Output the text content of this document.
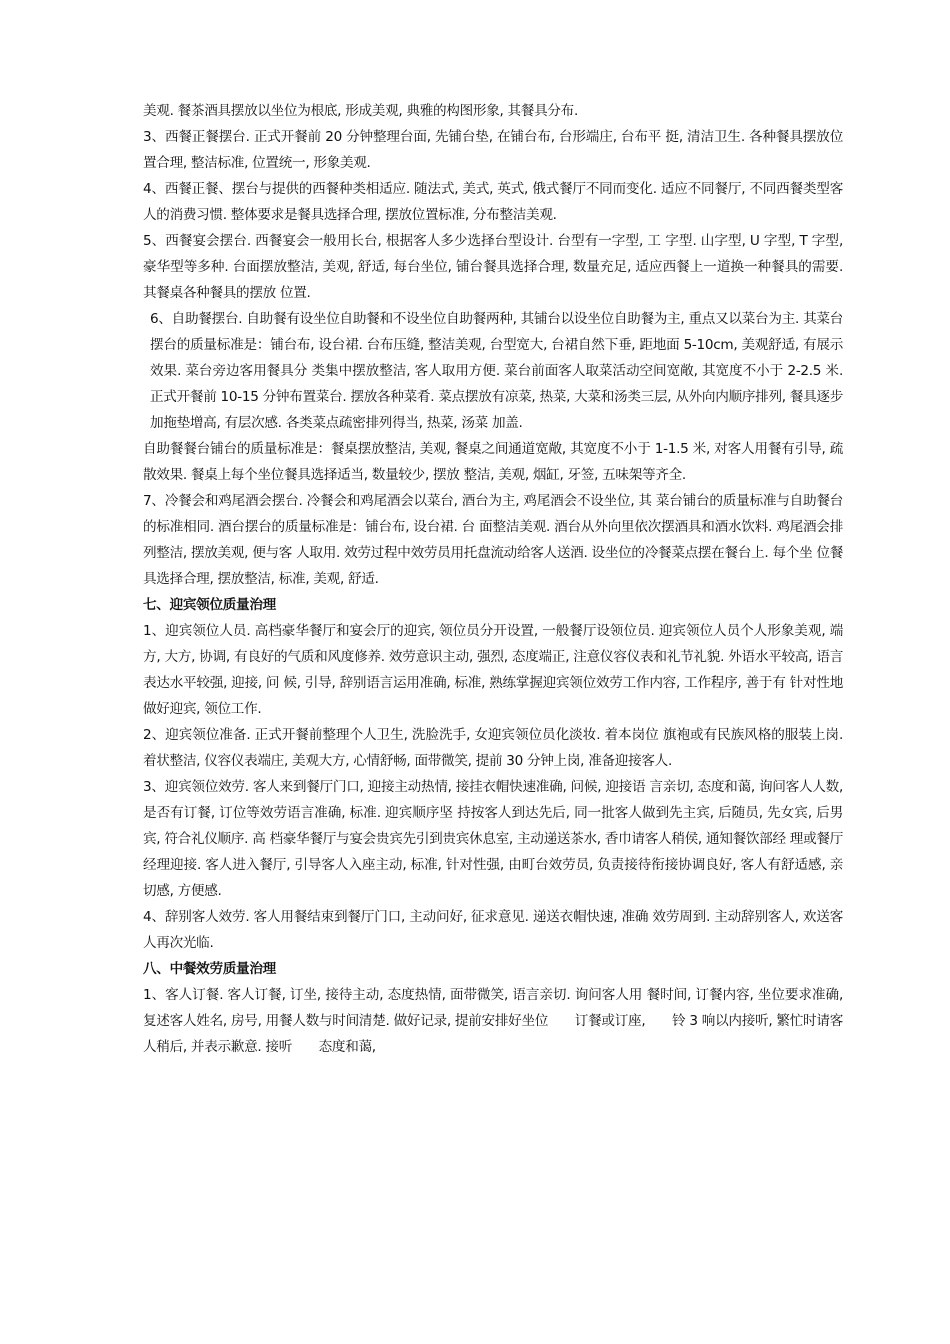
美观. 餐茶酒具摆放以坐位为根底, 形成美观, 典雅的构图形象, 其餐具分布.

3、西餐正餐摆台. 正式开餐前 20 分钟整理台面, 先铺台垫, 在铺台布, 台形端庄, 台布平 挺, 清洁卫生. 各种餐具摆放位置合理, 整洁标准, 位置统一, 形象美观.

4、西餐正餐、摆台与提供的西餐种类相适应. 随法式, 美式, 英式, 俄式餐厅不同而变化. 适应不同餐厅, 不同西餐类型客人的消费习惯. 整体要求是餐具选择合理, 摆放位置标准, 分布整洁美观.

5、西餐宴会摆台. 西餐宴会一般用长台, 根据客人多少选择台型设计. 台型有一字型, 工 字型. 山字型, U 字型, T 字型, 豪华型等多种. 台面摆放整洁, 美观, 舒适, 每台坐位, 铺台餐具选择合理, 数量充足, 适应西餐上一道换一种餐具的需要. 其餐桌各种餐具的摆放 位置.

6、自助餐摆台. 自助餐有设坐位自助餐和不设坐位自助餐两种, 其铺台以设坐位自助餐为主, 重点又以菜台为主. 其菜台摆台的质量标准是：铺台布, 设台裙. 台布压缝, 整洁美观, 台型宽大, 台裙自然下垂, 距地面 5-10cm, 美观舒适, 有展示效果. 菜台旁边客用餐具分 类集中摆放整洁, 客人取用方便. 菜台前面客人取菜活动空间宽敞, 其宽度不小于 2-2.5 米. 正式开餐前 10-15 分钟布置菜台. 摆放各种菜肴. 菜点摆放有凉菜, 热菜, 大菜和汤类三层, 从外向内顺序排列, 餐具逐步加拖垫增高, 有层次感. 各类菜点疏密排列得当, 热菜, 汤菜 加盖.

自助餐餐台铺台的质量标准是：餐桌摆放整洁, 美观, 餐桌之间通道宽敞, 其宽度不小于 1-1.5 米, 对客人用餐有引导, 疏散效果. 餐桌上每个坐位餐具选择适当, 数量较少, 摆放 整洁, 美观, 烟缸, 牙签, 五味架等齐全.

7、冷餐会和鸡尾酒会摆台. 冷餐会和鸡尾酒会以菜台, 酒台为主, 鸡尾酒会不设坐位, 其 菜台铺台的质量标准与自助餐台的标准相同. 酒台摆台的质量标准是：铺台布, 设台裙. 台 面整洁美观. 酒台从外向里依次摆酒具和酒水饮料. 鸡尾酒会排列整洁, 摆放美观, 便与客 人取用. 效劳过程中效劳员用托盘流动给客人送酒. 设坐位的冷餐菜点摆在餐台上. 每个坐 位餐具选择合理, 摆放整洁, 标准, 美观, 舒适.

七、迎宾领位质量治理

1、迎宾领位人员. 高档豪华餐厅和宴会厅的迎宾, 领位员分开设置, 一般餐厅设领位员. 迎宾领位人员个人形象美观, 端方, 大方, 协调, 有良好的气质和风度修养. 效劳意识主动, 强烈, 态度端正, 注意仪容仪表和礼节礼貌. 外语水平较高, 语言表达水平较强, 迎接, 问 候, 引导, 辞别语言运用准确, 标准, 熟练掌握迎宾领位效劳工作内容, 工作程序, 善于有 针对性地做好迎宾, 领位工作.

2、迎宾领位准备. 正式开餐前整理个人卫生, 洗脸洗手, 女迎宾领位员化淡妆. 着本岗位 旗袍或有民族风格的服装上岗. 着状整洁, 仪容仪表端庄, 美观大方, 心情舒畅, 面带微笑, 提前 30 分钟上岗, 准备迎接客人.

3、迎宾领位效劳. 客人来到餐厅门口, 迎接主动热情, 接挂衣帽快速准确, 问候, 迎接语 言亲切, 态度和蔼, 询问客人人数, 是否有订餐, 订位等效劳语言准确, 标准. 迎宾顺序坚 持按客人到达先后, 同一批客人做到先主宾, 后随员, 先女宾, 后男宾, 符合礼仪顺序. 高 档豪华餐厅与宴会贵宾先引到贵宾休息室, 主动递送茶水, 香巾请客人稍侯, 通知餐饮部经 理或餐厅经理迎接. 客人进入餐厅, 引导客人入座主动, 标准, 针对性强, 由町台效劳员, 负责接待衔接协调良好, 客人有舒适感, 亲切感, 方便感.

4、辞别客人效劳. 客人用餐结束到餐厅门口, 主动问好, 征求意见. 递送衣帽快速, 准确 效劳周到. 主动辞别客人, 欢送客人再次光临.

八、中餐效劳质量治理

1、客人订餐. 客人订餐, 订坐, 接待主动, 态度热情, 面带微笑, 语言亲切. 询问客人用 餐时间, 订餐内容, 坐位要求准确, 复述客人姓名, 房号, 用餐人数与时间清楚. 做好记录, 提前安排好坐位　　订餐或订座,　　铃 3 响以内接听, 繁忙时请客人稍后, 并表示歉意. 接听　　态度和蔼,
